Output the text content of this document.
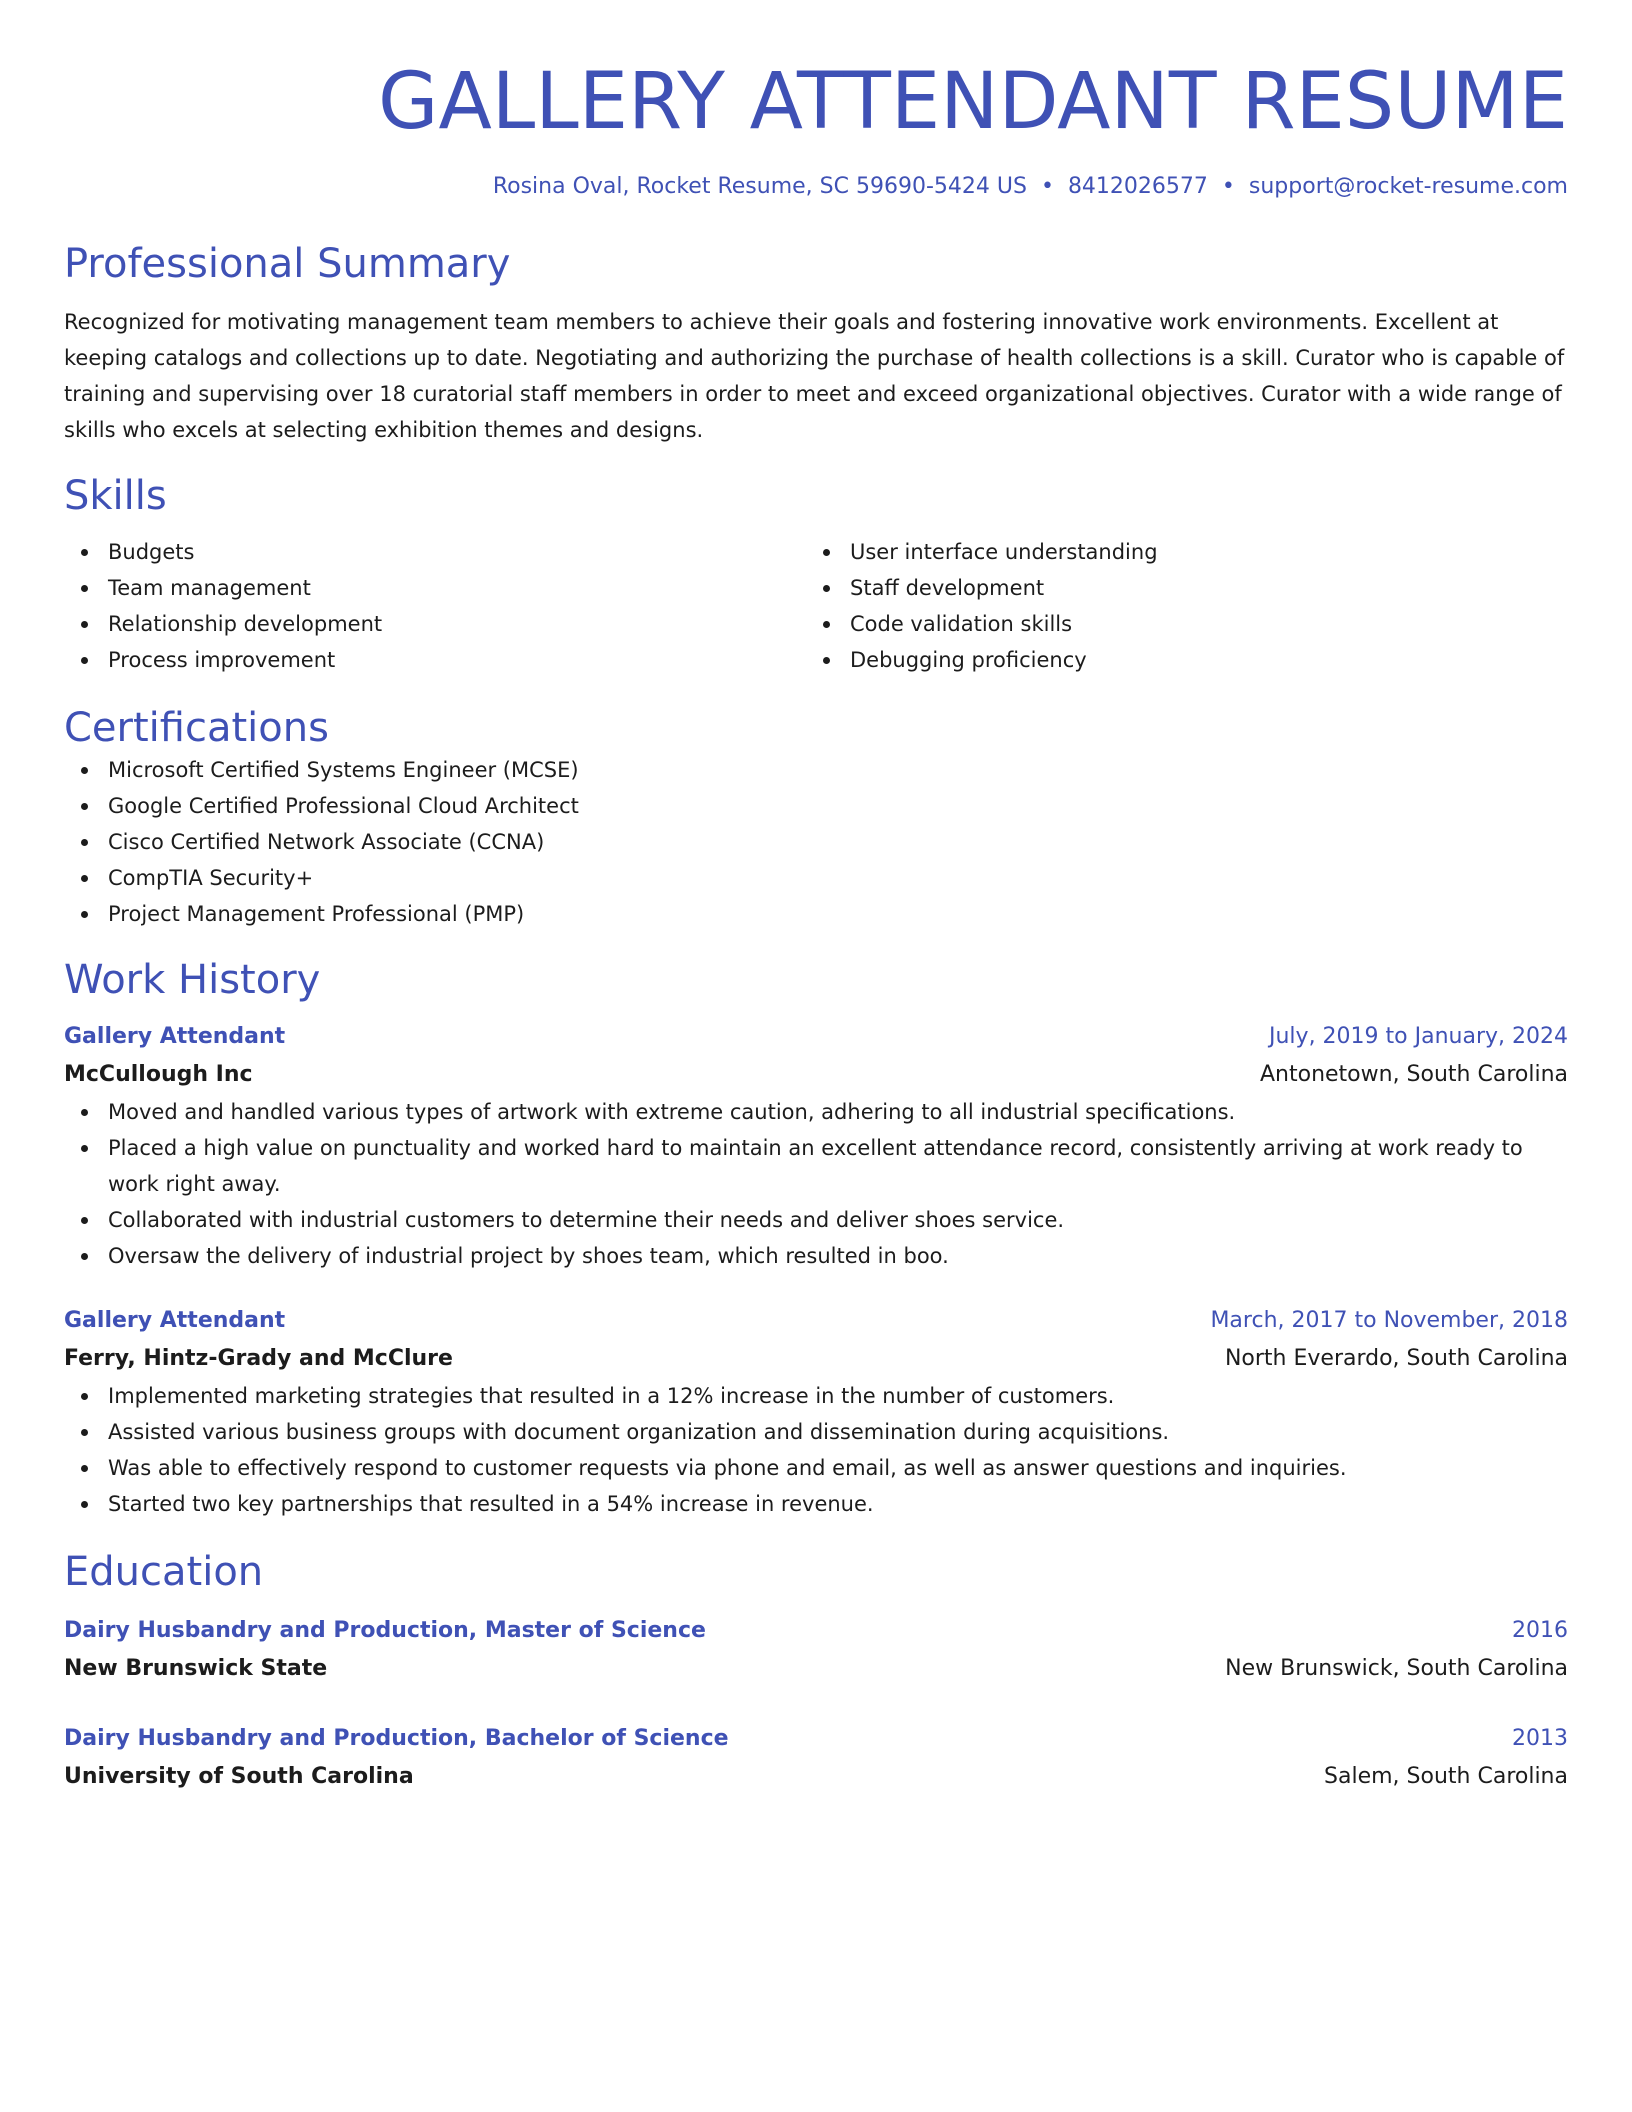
GALLERY ATTENDANT RESUME
Rosina Oval, Rocket Resume, SC 59690-5424 US • 8412026577 • support@rocket-resume.com
Professional Summary
Recognized for motivating management team members to achieve their goals and fostering innovative work environments. Excellent at keeping catalogs and collections up to date. Negotiating and authorizing the purchase of health collections is a skill. Curator who is capable of training and supervising over 18 curatorial staff members in order to meet and exceed organizational objectives. Curator with a wide range of skills who excels at selecting exhibition themes and designs.
Skills
Budgets
Team management
Relationship development
Process improvement
User interface understanding
Staff development
Code validation skills
Debugging proficiency
Certifications
Microsoft Certified Systems Engineer (MCSE)
Google Certified Professional Cloud Architect
Cisco Certified Network Associate (CCNA)
CompTIA Security+
Project Management Professional (PMP)
Work History
Gallery Attendant	July, 2019 to January, 2024
McCullough Inc	Antonetown, South Carolina
Moved and handled various types of artwork with extreme caution, adhering to all industrial specifications.
Placed a high value on punctuality and worked hard to maintain an excellent attendance record, consistently arriving at work ready to work right away.
Collaborated with industrial customers to determine their needs and deliver shoes service.
Oversaw the delivery of industrial project by shoes team, which resulted in boo.
Gallery Attendant	March, 2017 to November, 2018
Ferry, Hintz-Grady and McClure	North Everardo, South Carolina
Implemented marketing strategies that resulted in a 12% increase in the number of customers.
Assisted various business groups with document organization and dissemination during acquisitions.
Was able to effectively respond to customer requests via phone and email, as well as answer questions and inquiries.
Started two key partnerships that resulted in a 54% increase in revenue.
Education
Dairy Husbandry and Production, Master of Science	2016
New Brunswick State	New Brunswick, South Carolina
Dairy Husbandry and Production, Bachelor of Science	2013
University of South Carolina	Salem, South Carolina
